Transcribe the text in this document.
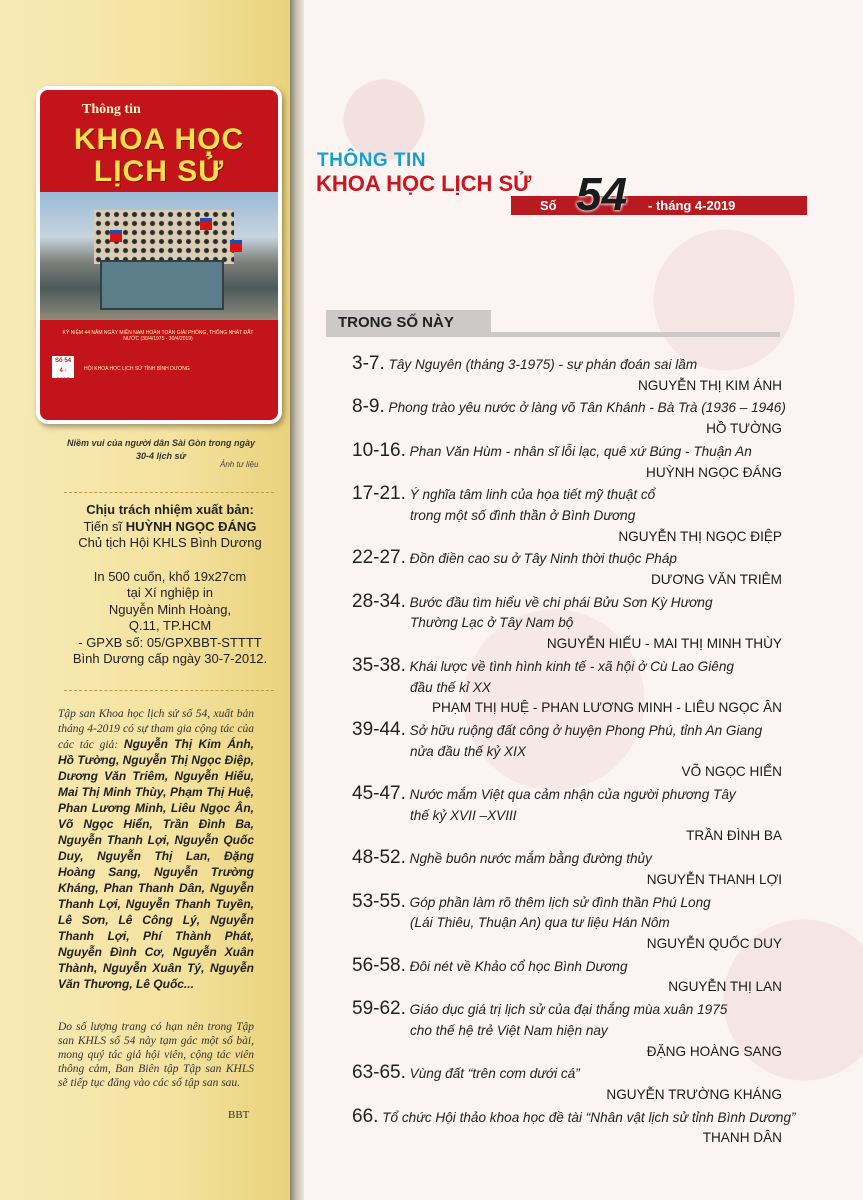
Thông tin
KHOA HỌC
LỊCH SỬ
KỶ NIỆM 44 NĂM NGÀY MIỀN NAM HOÀN TOÀN GIẢI PHÓNG, THỐNG NHẤT ĐẤT NƯỚC (30/4/1975 - 30/4/2019)
Số 54
4 - 2019
HỘI KHOA HỌC LỊCH SỬ TỈNH BÌNH DƯƠNG
Niềm vui của người dân Sài Gòn trong ngày 30-4 lịch sử
Ảnh tư liệu
Chịu trách nhiệm xuất bản:
Tiến sĩ HUỲNH NGỌC ĐÁNG
Chủ tịch Hội KHLS Bình Dương
In 500 cuốn, khổ 19x27cm
tại Xí nghiệp in
Nguyễn Minh Hoàng,
Q.11, TP.HCM
- GPXB số: 05/GPXBBT-STTTT
Bình Dương cấp ngày 30-7-2012.
Tập san Khoa học lịch sử số 54, xuất bản tháng 4-2019 có sự tham gia cộng tác của các tác giả: Nguyễn Thị Kim Ánh, Hồ Tường, Nguyễn Thị Ngọc Điệp, Dương Văn Triêm, Nguyễn Hiếu, Mai Thị Minh Thùy, Phạm Thị Huệ, Phan Lương Minh, Liêu Ngọc Ân, Võ Ngọc Hiển, Trần Đình Ba, Nguyễn Thanh Lợi, Nguyễn Quốc Duy, Nguyễn Thị Lan, Đặng Hoàng Sang, Nguyễn Trường Kháng, Phan Thanh Dân, Nguyễn Thanh Lợi, Nguyễn Thanh Tuyền, Lê Sơn, Lê Công Lý, Nguyễn Thanh Lợi, Phí Thành Phát, Nguyễn Đình Cơ, Nguyễn Xuân Thành, Nguyễn Xuân Tý, Nguyễn Văn Thương, Lê Quốc...
Do số lượng trang có hạn nên trong Tập san KHLS số 54 này tạm gác một số bài, mong quý tác giả hội viên, cộng tác viên thông cảm, Ban Biên tập Tập san KHLS sẽ tiếp tục đăng vào các số tập san sau.
BBT
THÔNG TIN
KHOA HỌC LỊCH SỬ
Số 54 - tháng 4-2019
TRONG SỐ NÀY
3-7. Tây Nguyên (tháng 3-1975) - sự phán đoán sai lầm
NGUYỄN THỊ KIM ÁNH
8-9. Phong trào yêu nước ở làng võ Tân Khánh - Bà Trà (1936 – 1946)
HỒ TƯỜNG
10-16. Phan Văn Hùm - nhân sĩ lỗi lạc, quê xứ Búng - Thuận An
HUỲNH NGỌC ĐÁNG
17-21. Ý nghĩa tâm linh của họa tiết mỹ thuật cổ
trong một số đình thần ở Bình Dương
NGUYỄN THỊ NGỌC ĐIỆP
22-27. Đồn điền cao su ở Tây Ninh thời thuộc Pháp
DƯƠNG VĂN TRIÊM
28-34. Bước đầu tìm hiểu về chi phái Bửu Sơn Kỳ Hương
Thường Lạc ở Tây Nam bộ
NGUYỄN HIẾU - MAI THỊ MINH THÙY
35-38. Khái lược về tình hình kinh tế - xã hội ở Cù Lao Giêng
đầu thế kỉ XX
PHẠM THỊ HUỆ - PHAN LƯƠNG MINH - LIÊU NGỌC ÂN
39-44. Sở hữu ruộng đất công ở huyện Phong Phú, tỉnh An Giang
nửa đầu thế kỷ XIX
VÕ NGỌC HIỂN
45-47. Nước mắm Việt qua cảm nhận của người phương Tây
thế kỷ XVII –XVIII
TRẦN ĐÌNH BA
48-52. Nghề buôn nước mắm bằng đường thủy
NGUYỄN THANH LỢI
53-55. Góp phần làm rõ thêm lịch sử đình thần Phú Long
(Lái Thiêu, Thuận An) qua tư liệu Hán Nôm
NGUYỄN QUỐC DUY
56-58. Đôi nét về Khảo cổ học Bình Dương
NGUYỄN THỊ LAN
59-62. Giáo dục giá trị lịch sử của đại thắng mùa xuân 1975
cho thế hệ trẻ Việt Nam hiện nay
ĐẶNG HOÀNG SANG
63-65. Vùng đất “trên cơm dưới cá”
NGUYỄN TRƯỜNG KHÁNG
66. Tổ chức Hội thảo khoa học đề tài “Nhân vật lịch sử tỉnh Bình Dương”
THANH DÂN
